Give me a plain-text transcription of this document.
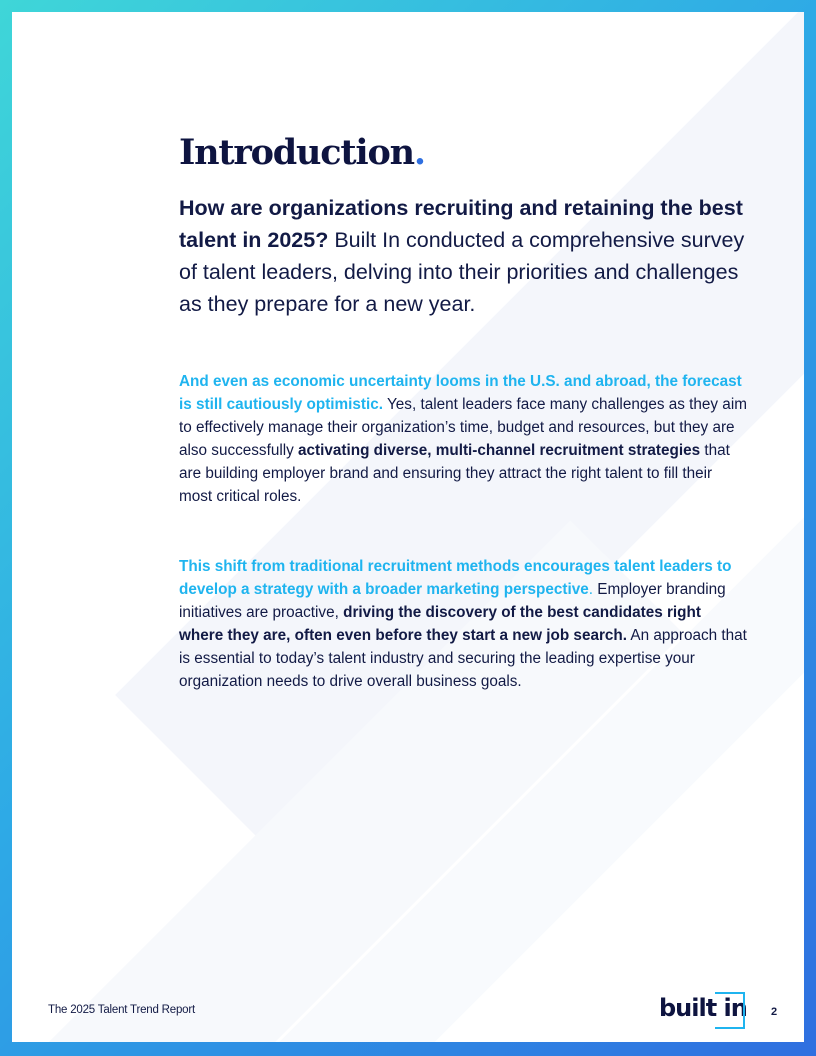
Introduction.

How are organizations recruiting and retaining the best talent in 2025? Built In conducted a comprehensive survey of talent leaders, delving into their priorities and challenges as they prepare for a new year.

And even as economic uncertainty looms in the U.S. and abroad, the forecast is still cautiously optimistic. Yes, talent leaders face many challenges as they aim to effectively manage their organization’s time, budget and resources, but they are also successfully activating diverse, multi-channel recruitment strategies that are building employer brand and ensuring they attract the right talent to fill their most critical roles.

This shift from traditional recruitment methods encourages talent leaders to develop a strategy with a broader marketing perspective. Employer branding initiatives are proactive, driving the discovery of the best candidates right where they are, often even before they start a new job search. An approach that is essential to today’s talent industry and securing the leading expertise your organization needs to drive overall business goals.

The 2025 Talent Trend Report	built in 2
